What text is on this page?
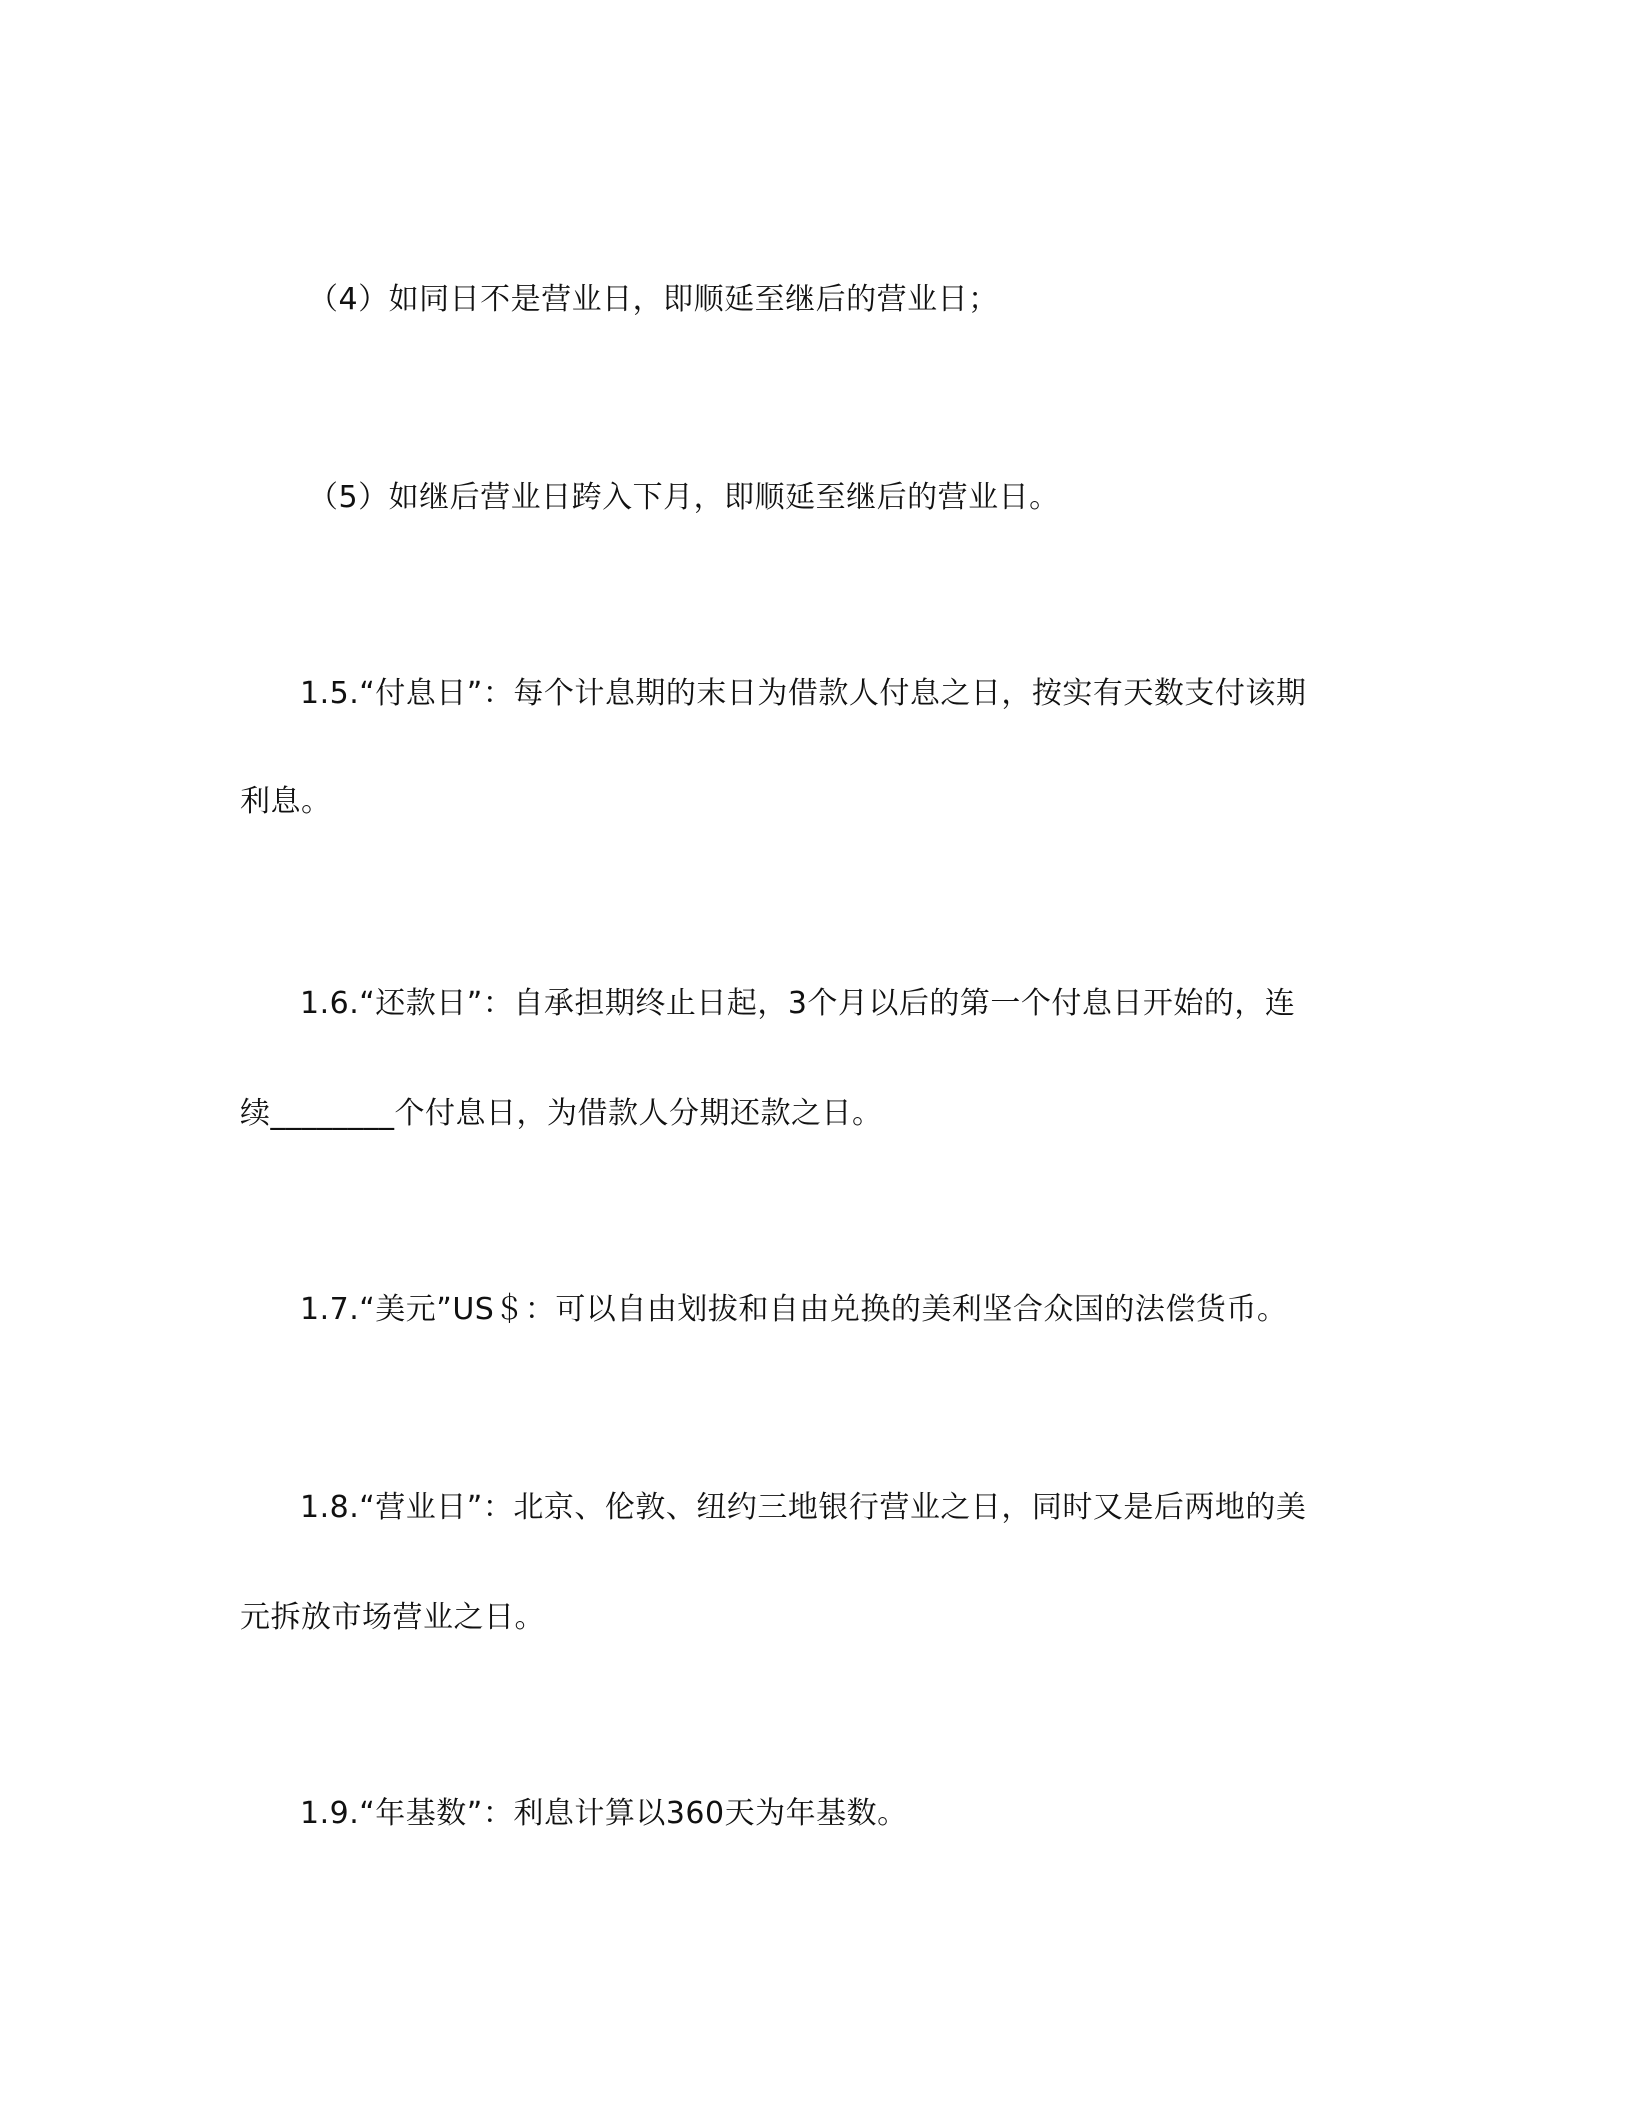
（4）如同日不是营业日，即顺延至继后的营业日；
（5）如继后营业日跨入下月，即顺延至继后的营业日。
1.5.“付息日”：每个计息期的末日为借款人付息之日，按实有天数支付该期
利息。
1.6.“还款日”：自承担期终止日起，3个月以后的第一个付息日开始的，连
续________个付息日，为借款人分期还款之日。
1.7.“美元”US＄：可以自由划拔和自由兑换的美利坚合众国的法偿货币。
1.8.“营业日”：北京、伦敦、纽约三地银行营业之日，同时又是后两地的美
元拆放市场营业之日。
1.9.“年基数”：利息计算以360天为年基数。
